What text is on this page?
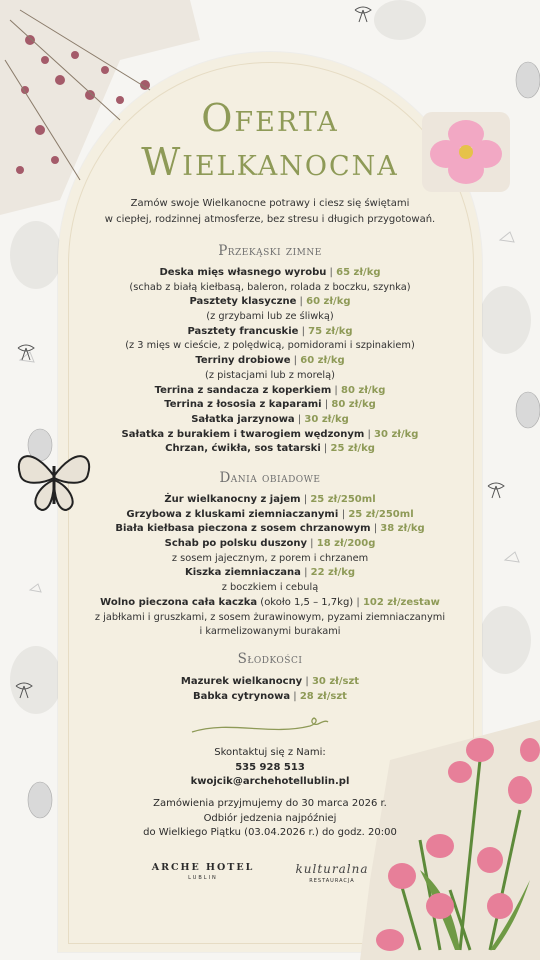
Oferta
Wielkanocna
Zamów swoje Wielkanocne potrawy i ciesz się świętami
w ciepłej, rodzinnej atmosferze, bez stresu i długich przygotowań.
Przekąski zimne
Deska mięs własnego wyrobu | 65 zł/kg
(schab z białą kiełbasą, baleron, rolada z boczku, szynka)
Pasztety klasyczne | 60 zł/kg
(z grzybami lub ze śliwką)
Pasztety francuskie | 75 zł/kg
(z 3 mięs w cieście, z polędwicą, pomidorami i szpinakiem)
Terriny drobiowe | 60 zł/kg
(z pistacjami lub z morelą)
Terrina z sandacza z koperkiem | 80 zł/kg
Terrina z łososia z kaparami | 80 zł/kg
Sałatka jarzynowa | 30 zł/kg
Sałatka z burakiem i twarogiem wędzonym | 30 zł/kg
Chrzan, ćwikła, sos tatarski | 25 zł/kg
Dania obiadowe
Żur wielkanocny z jajem | 25 zł/250ml
Grzybowa z kluskami ziemniaczanymi | 25 zł/250ml
Biała kiełbasa pieczona z sosem chrzanowym | 38 zł/kg
Schab po polsku duszony | 18 zł/200g
z sosem jajecznym, z porem i chrzanem
Kiszka ziemniaczana | 22 zł/kg
z boczkiem i cebulą
Wolno pieczona cała kaczka (około 1,5 – 1,7kg) | 102 zł/zestaw
z jabłkami i gruszkami, z sosem żurawinowym, pyzami ziemniaczanymi
i karmelizowanymi burakami
Słodkości
Mazurek wielkanocny | 30 zł/szt
Babka cytrynowa | 28 zł/szt
Skontaktuj się z Nami:
535 928 513
kwojcik@archehotellublin.pl
Zamówienia przyjmujemy do 30 marca 2026 r.
Odbiór jedzenia najpóźniej
do Wielkiego Piątku (03.04.2026 r.) do godz. 20:00
ARCHE HOTEL
LUBLIN
kulturalna
RESTAURACJA
